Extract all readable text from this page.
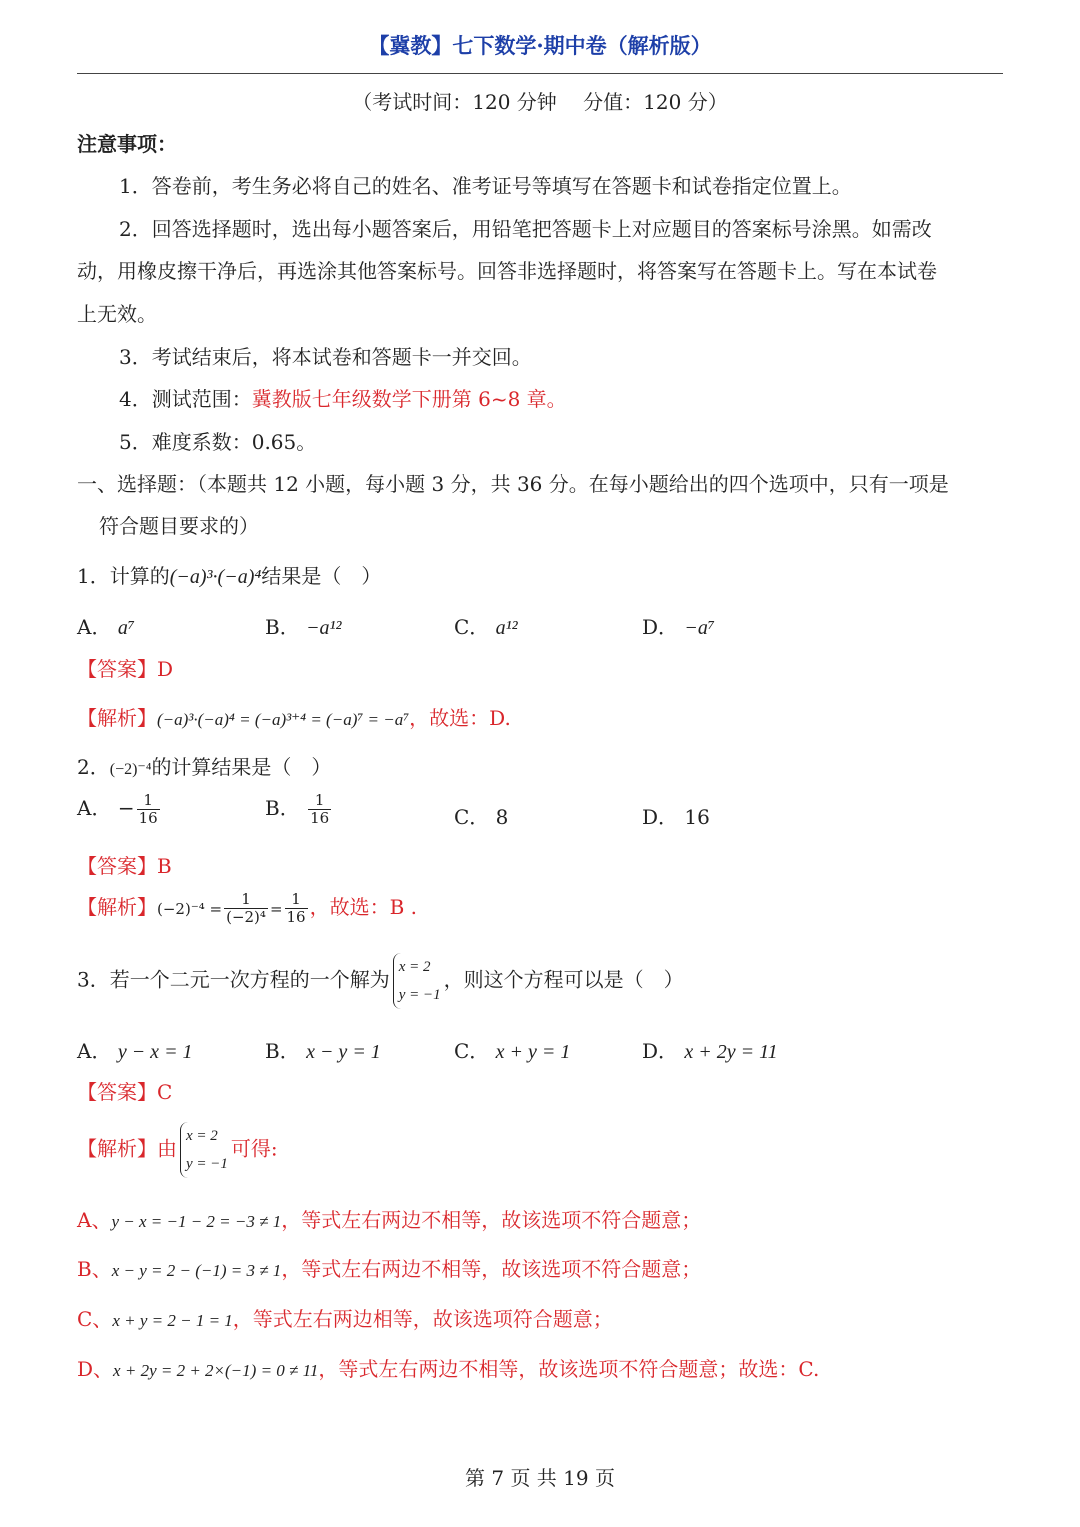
【冀教】七下数学·期中卷（解析版）
（考试时间：120 分钟　 分值：120 分）
注意事项：
1．答卷前，考生务必将自己的姓名、准考证号等填写在答题卡和试卷指定位置上。
2．回答选择题时，选出每小题答案后，用铅笔把答题卡上对应题目的答案标号涂黑。如需改
动，用橡皮擦干净后，再选涂其他答案标号。回答非选择题时，将答案写在答题卡上。写在本试卷
上无效。
3．考试结束后，将本试卷和答题卡一并交回。
4．测试范围：冀教版七年级数学下册第 6~8 章。
5．难度系数：0.65。
一、选择题：（本题共 12 小题，每小题 3 分，共 36 分。在每小题给出的四个选项中，只有一项是
符合题目要求的）
1．计算的(−a)³·(−a)⁴结果是（　）
A． a⁷	B． −a¹²	C． a¹²	D． −a⁷
【答案】D
【解析】(−a)³·(−a)⁴ = (−a)³⁺⁴ = (−a)⁷ = −a⁷，故选：D.
2．(−2)⁻⁴的计算结果是（　）
A． − $\frac{1}{16}$	B． $\frac{1}{16}$	C． 8	D． 16
【答案】B
【解析】$(-2)^{-4} = \frac{1}{\text{(−2)⁴}} = \frac{1}{16}$ ，故选：B .
3．若一个二元一次方程的一个解为
x = 2
y = −1
，则这个方程可以是（　）
A． y − x = 1	B． x − y = 1	C． x + y = 1	D． x + 2y = 11
【答案】C
【解析】由
x = 2
y = −1
可得:
A、y − x = −1 − 2 = −3 ≠ 1，等式左右两边不相等，故该选项不符合题意；
B、x − y = 2 − (−1) = 3 ≠ 1，等式左右两边不相等，故该选项不符合题意；
C、x + y = 2 − 1 = 1，等式左右两边相等，故该选项符合题意；
D、x + 2y = 2 + 2×(−1) = 0 ≠ 11，等式左右两边不相等，故该选项不符合题意；故选：C.
第 7 页 共 19 页
